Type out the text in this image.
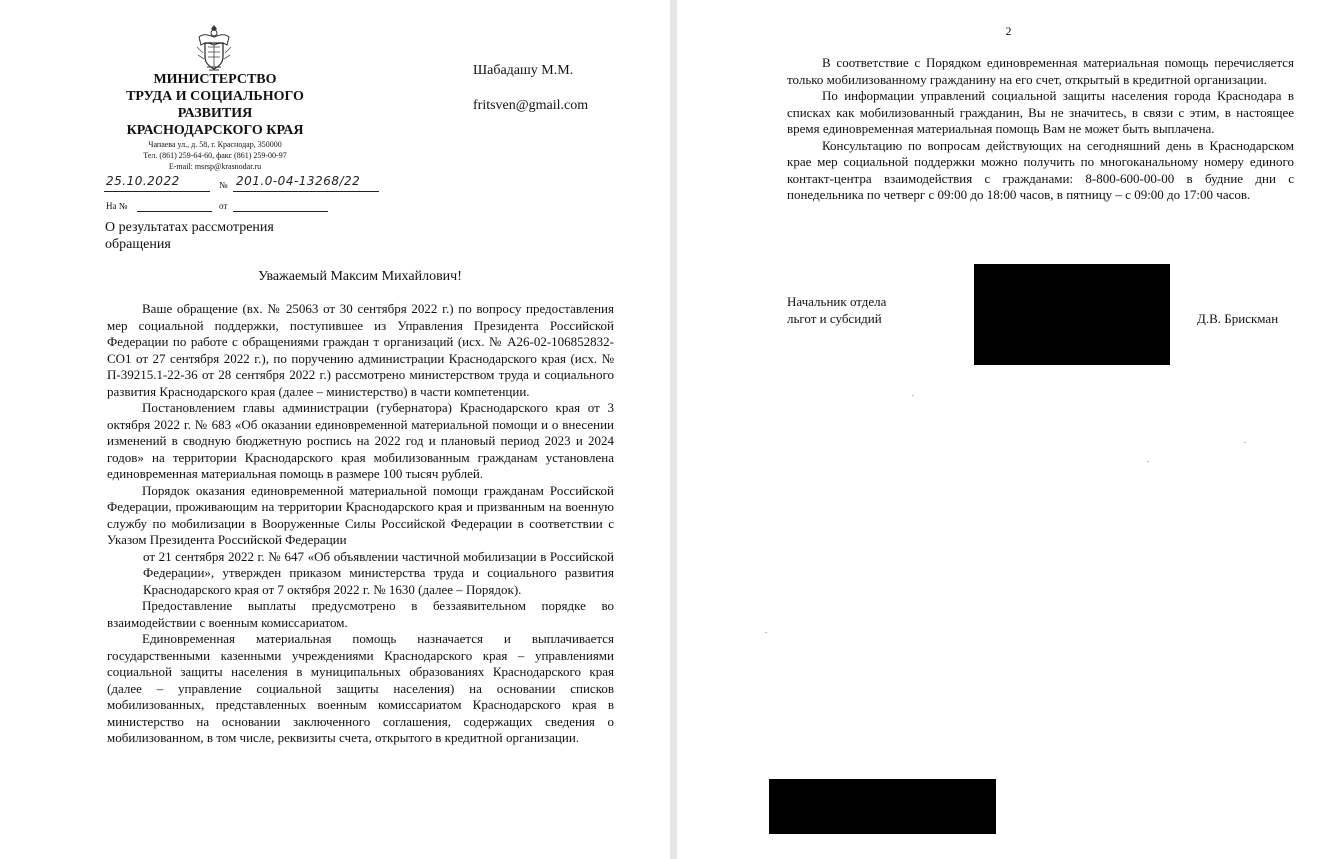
МИНИСТЕРСТВО
ТРУДА И СОЦИАЛЬНОГО
РАЗВИТИЯ
КРАСНОДАРСКОГО КРАЯ
Чапаева ул., д. 58, г. Краснодар, 350000
Тел. (861) 259-64-60, факс (861) 259-00-97
E-mail: msrsp@krasnodar.ru
25.10.2022	№ 201.0-04-13268/22
На №	от
Шабадашу М.М.
fritsven@gmail.com
О результатах рассмотрения
обращения
Уважаемый Максим Михайлович!

Ваше обращение (вх. № 25063 от 30 сентября 2022 г.) по вопросу предоставления мер социальной поддержки, поступившее из Управления Президента Российской Федерации по работе с обращениями граждан т организаций (исх. № А26-02-106852832-СО1 от 27 сентября 2022 г.), по поручению администрации Краснодарского края (исх. № П-39215.1-22-36 от 28 сентября 2022 г.) рассмотрено министерством труда и социального развития Краснодарского края (далее – министерство) в части компетенции.

Постановлением главы администрации (губернатора) Краснодарского края от 3 октября 2022 г. № 683 «Об оказании единовременной материальной помощи и о внесении изменений в сводную бюджетную роспись на 2022 год и плановый период 2023 и 2024 годов» на территории Краснодарского края мобилизованным гражданам установлена единовременная материальная помощь в размере 100 тысяч рублей.

Порядок оказания единовременной материальной помощи гражданам Российской Федерации, проживающим на территории Краснодарского края и призванным на военную службу по мобилизации в Вооруженные Силы Российской Федерации в соответствии с Указом Президента Российской Федерации

от 21 сентября 2022 г. № 647 «Об объявлении частичной мобилизации в Российской Федерации», утвержден приказом министерства труда и социального развития Краснодарского края от 7 октября 2022 г. № 1630 (далее – Порядок).

Предоставление выплаты предусмотрено в беззаявительном порядке во взаимодействии с военным комиссариатом.

Единовременная материальная помощь назначается и выплачивается государственными казенными учреждениями Краснодарского края – управлениями социальной защиты населения в муниципальных образованиях Краснодарского края (далее – управление социальной защиты населения) на основании списков мобилизованных, представленных военным комиссариатом Краснодарского края в министерство на основании заключенного соглашения, содержащих сведения о мобилизованном, в том числе, реквизиты счета, открытого в кредитной организации.

2

В соответствие с Порядком единовременная материальная помощь перечисляется только мобилизованному гражданину на его счет, открытый в кредитной организации.

По информации управлений социальной защиты населения города Краснодара в списках как мобилизованный гражданин, Вы не значитесь, в связи с этим, в настоящее время единовременная материальная помощь Вам не может быть выплачена.

Консультацию по вопросам действующих на сегодняшний день в Краснодарском крае мер социальной поддержки можно получить по многоканальному номеру единого контакт-центра взаимодействия с гражданами: 8-800-600-00-00 в будние дни с понедельника по четверг с 09:00 до 18:00 часов, в пятницу – с 09:00 до 17:00 часов.

Начальник отдела
льгот и субсидий	Д.В. Брискман
